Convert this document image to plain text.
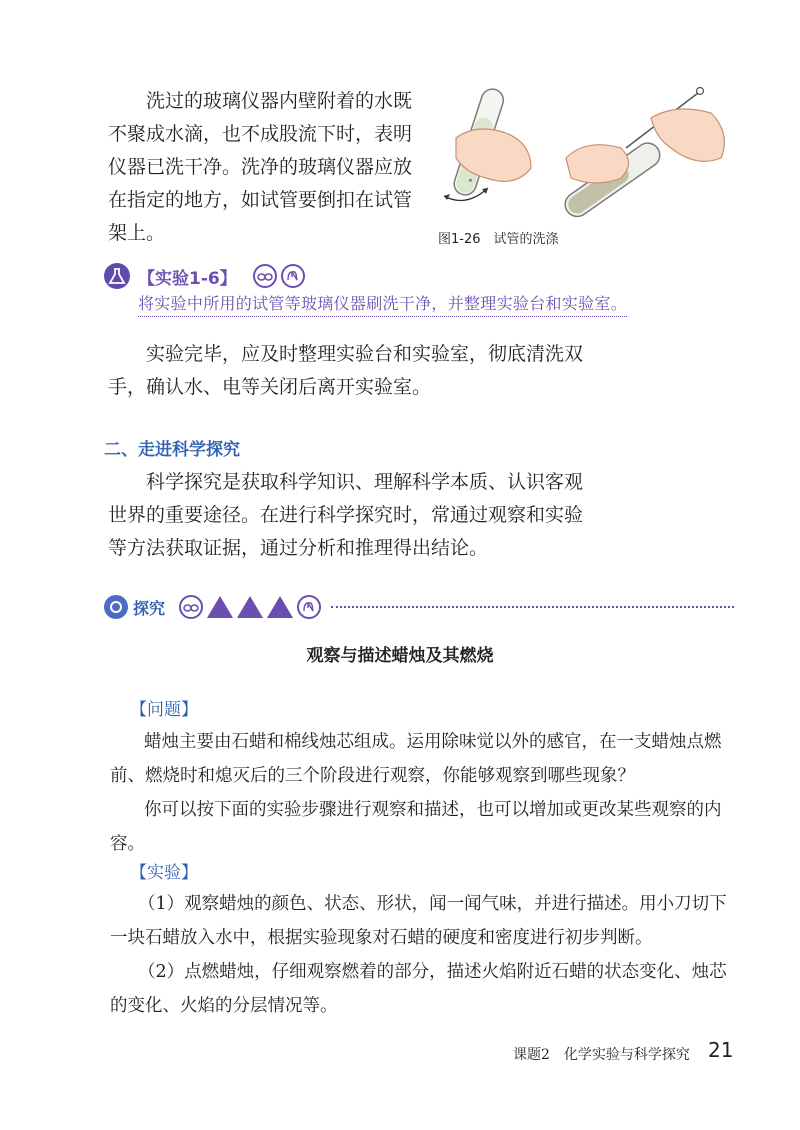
洗过的玻璃仪器内壁附着的水既不聚成水滴，也不成股流下时，表明仪器已洗干净。洗净的玻璃仪器应放在指定的地方，如试管要倒扣在试管架上。	图1-26　试管的洗涤
【实验1-6】
将实验中所用的试管等玻璃仪器刷洗干净，并整理实验台和实验室。

实验完毕，应及时整理实验台和实验室，彻底清洗双手，确认水、电等关闭后离开实验室。

二、走进科学探究

科学探究是获取科学知识、理解科学本质、认识客观世界的重要途径。在进行科学探究时，常通过观察和实验等方法获取证据，通过分析和推理得出结论。

探究
观察与描述蜡烛及其燃烧
【问题】

蜡烛主要由石蜡和棉线烛芯组成。运用除味觉以外的感官，在一支蜡烛点燃前、燃烧时和熄灭后的三个阶段进行观察，你能够观察到哪些现象？

你可以按下面的实验步骤进行观察和描述，也可以增加或更改某些观察的内容。

【实验】

（1）观察蜡烛的颜色、状态、形状，闻一闻气味，并进行描述。用小刀切下一块石蜡放入水中，根据实验现象对石蜡的硬度和密度进行初步判断。

（2）点燃蜡烛，仔细观察燃着的部分，描述火焰附近石蜡的状态变化、烛芯的变化、火焰的分层情况等。

课题2　化学实验与科学探究 21
